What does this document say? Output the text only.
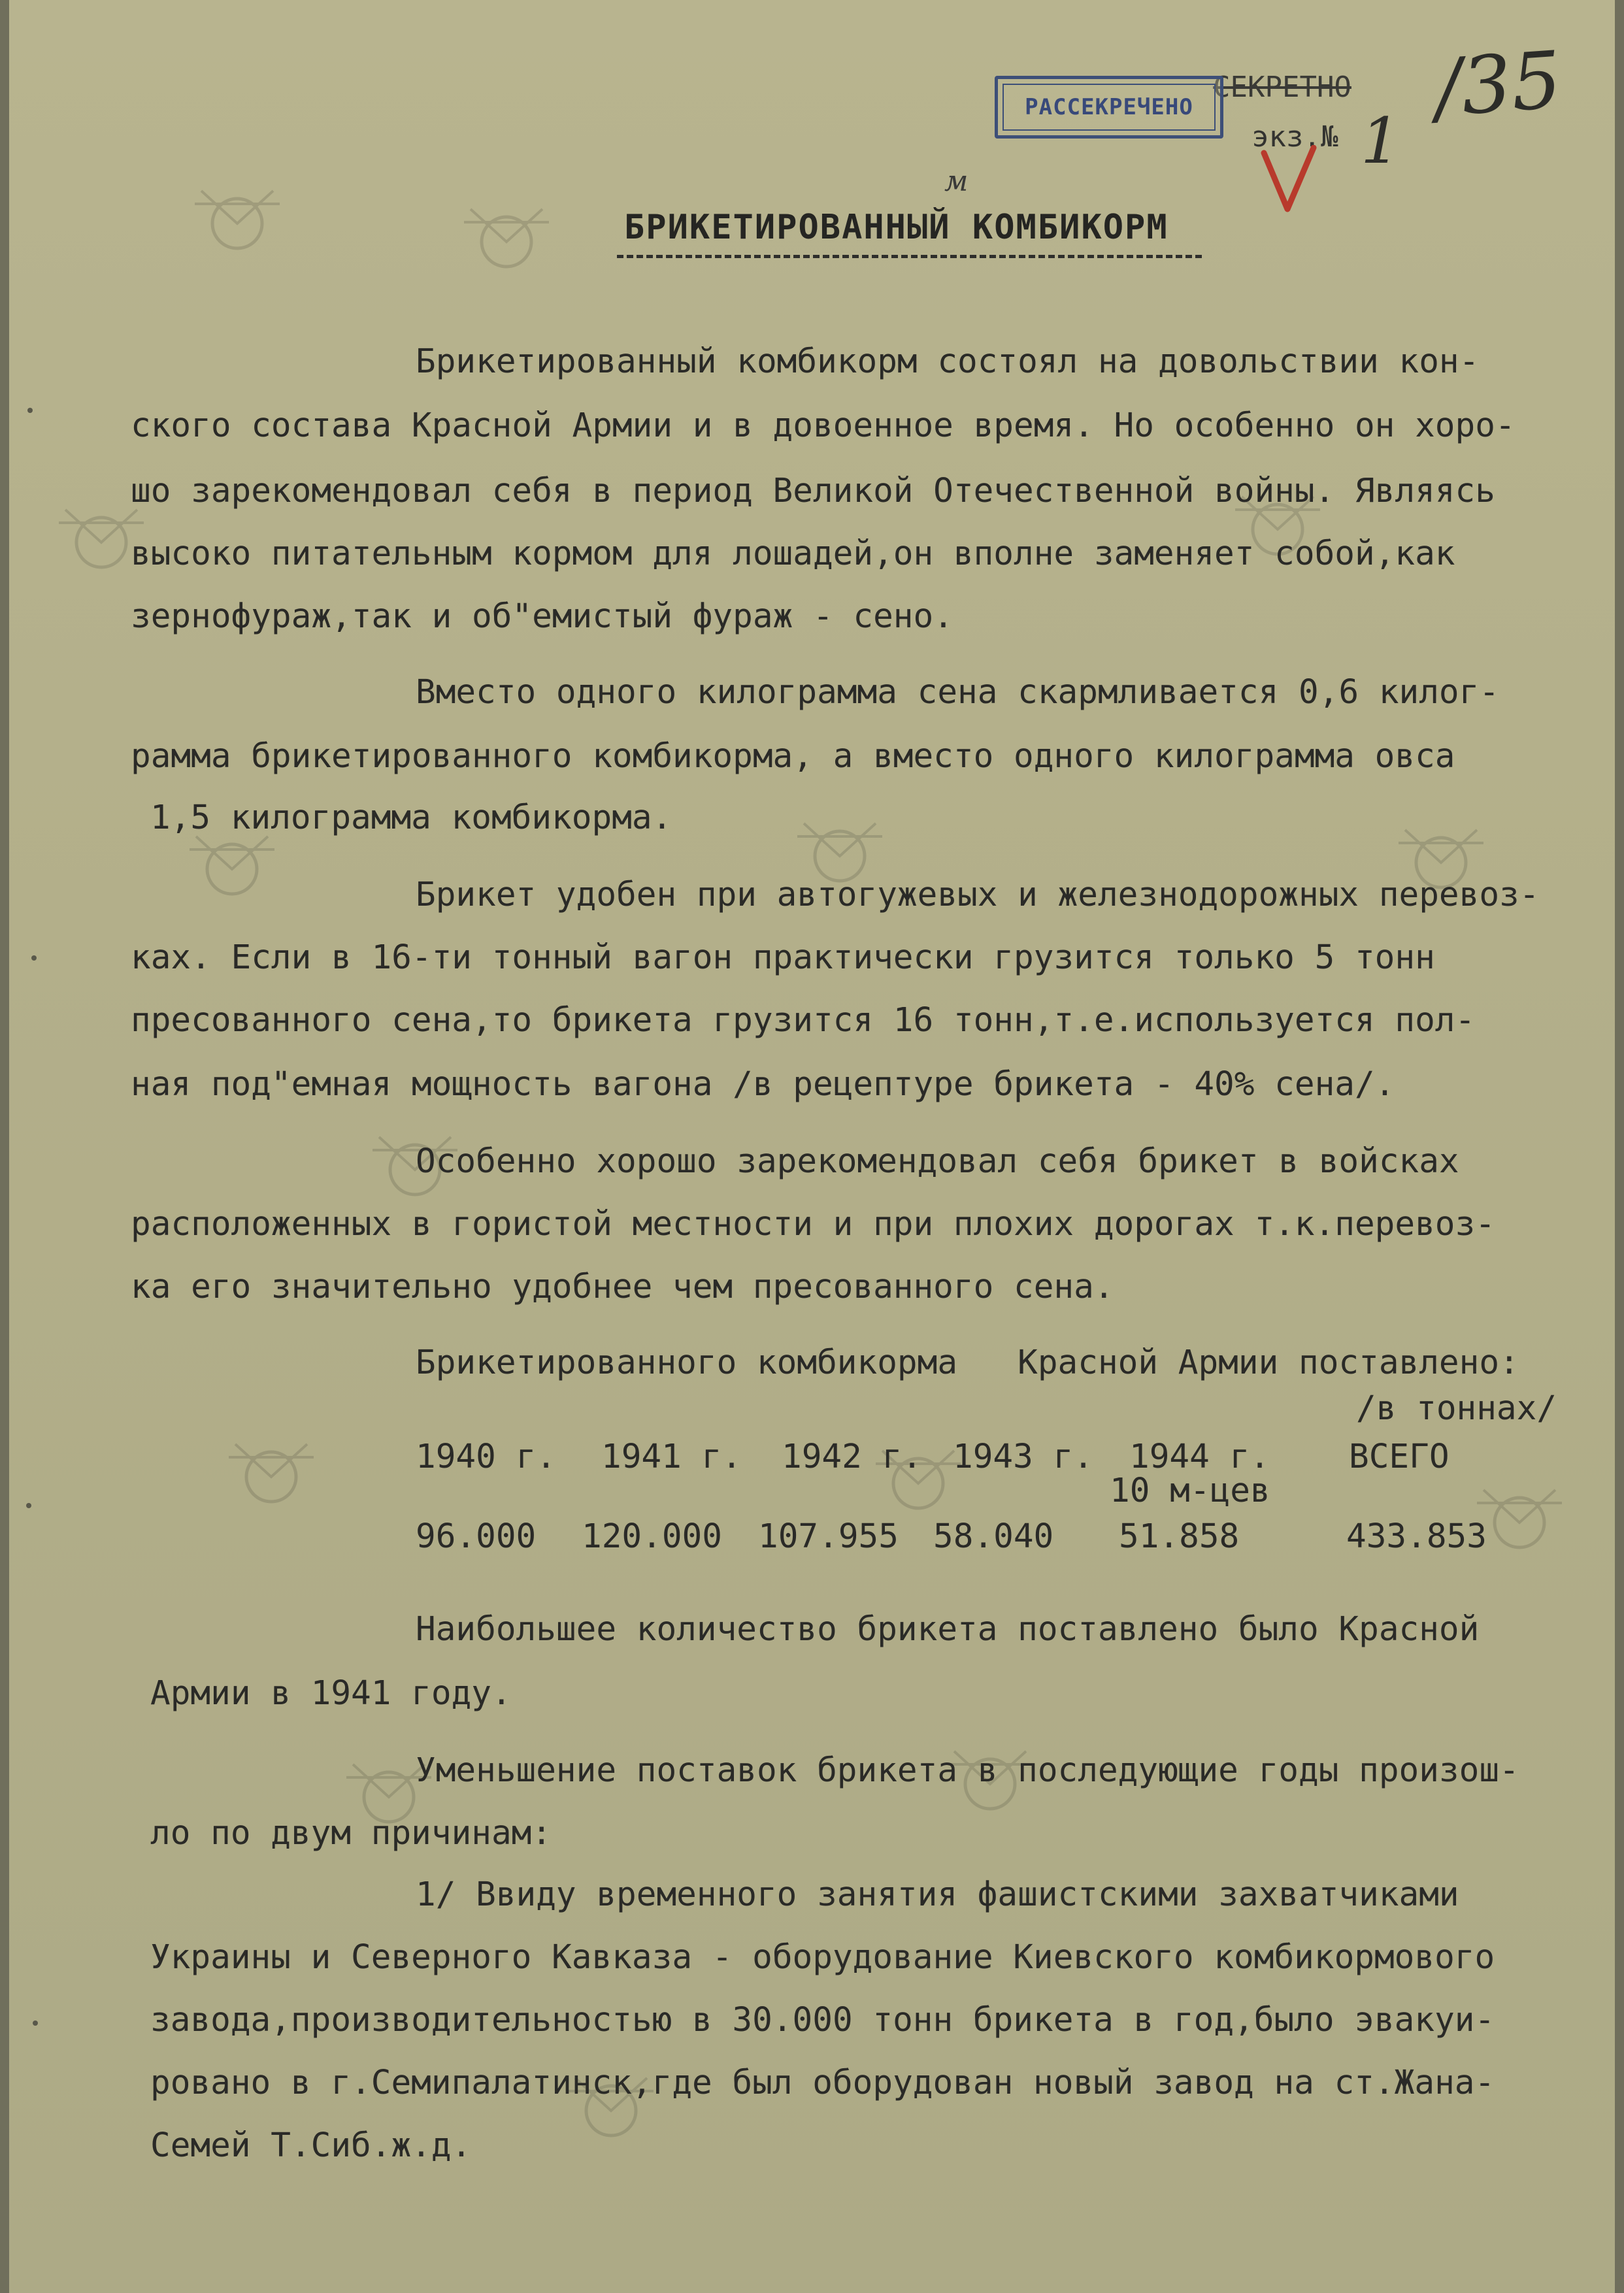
СЕКРЕТНО
РАССЕКРЕЧЕНО
экз.№ 1
/35
м
БРИКЕТИРОВАННЫЙ КОМБИКОРМ
Брикетированный комбикорм состоял на довольствии кон-
ского состава Красной Армии и в довоенное время. Но особенно он хоро-
шо зарекомендовал себя в период Великой Отечественной войны. Являясь
высоко питательным кормом для лошадей,он вполне заменяет собой,как
зернофураж,так и об"емистый фураж - сено.
Вместо одного килограмма сена скармливается 0,6 килог-
рамма брикетированного комбикорма, а вместо одного килограмма овса
1,5 килограмма комбикорма.
Брикет удобен при автогужевых и железнодорожных перевоз-
ках. Если в 16-ти тонный вагон практически грузится только 5 тонн
пресованного сена,то брикета грузится 16 тонн,т.е.используется пол-
ная под"емная мощность вагона /в рецептуре брикета - 40% сена/.
Особенно хорошо зарекомендовал себя брикет в войсках
расположенных в гористой местности и при плохих дорогах т.к.перевоз-
ка его значительно удобнее чем пресованного сена.
Брикетированного комбикорма   Красной Армии поставлено:
/в тоннах/
1940 г. 1941 г. 1942 г. 1943 г. 1944 г. ВСЕГО
10 м-цев
96.000 120.000 107.955 58.040 51.858	433.853
Наибольшее количество брикета поставлено было Красной
Армии в 1941 году.
Уменьшение поставок брикета в последующие годы произош-
ло по двум причинам:
1/ Ввиду временного занятия фашистскими захватчиками
Украины и Северного Кавказа - оборудование Киевского комбикормового
завода,производительностью в 30.000 тонн брикета в год,было эвакуи-
ровано в г.Семипалатинск,где был оборудован новый завод на ст.Жана-
Семей Т.Сиб.ж.д.
